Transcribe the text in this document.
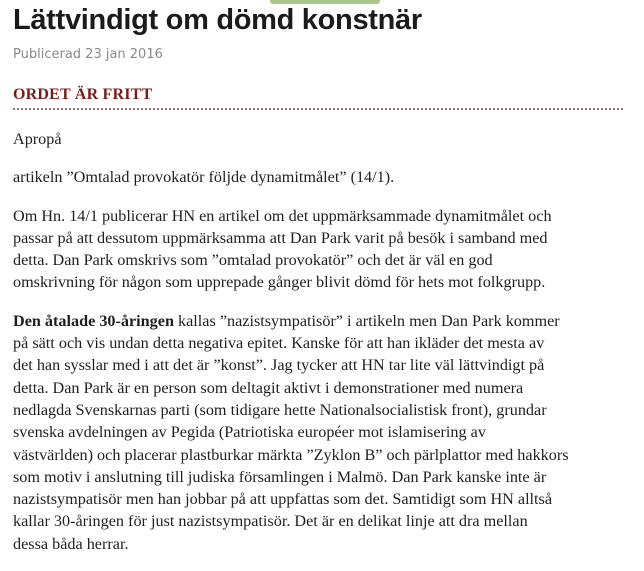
Lättvindigt om dömd konstnär
Publicerad 23 jan 2016
ORDET ÄR FRITT

Apropå

artikeln ”Omtalad provokatör följde dynamitmålet” (14/1).

Om Hn. 14/1 publicerar HN en artikel om det uppmärksammade dynamitmålet och
passar på att dessutom uppmärksamma att Dan Park varit på besök i samband med
detta. Dan Park omskrivs som ”omtalad provokatör” och det är väl en god
omskrivning för någon som upprepade gånger blivit dömd för hets mot folkgrupp.

Den åtalade 30-åringen kallas ”nazistsympatisör” i artikeln men Dan Park kommer
på sätt och vis undan detta negativa epitet. Kanske för att han ikläder det mesta av
det han sysslar med i att det är ”konst”. Jag tycker att HN tar lite väl lättvindigt på
detta. Dan Park är en person som deltagit aktivt i demonstrationer med numera
nedlagda Svenskarnas parti (som tidigare hette Nationalsocialistisk front), grundar
svenska avdelningen av Pegida (Patriotiska européer mot islamisering av
västvärlden) och placerar plastburkar märkta ”Zyklon B” och pärlplattor med hakkors
som motiv i anslutning till judiska församlingen i Malmö. Dan Park kanske inte är
nazistsympatisör men han jobbar på att uppfattas som det. Samtidigt som HN alltså
kallar 30-åringen för just nazistsympatisör. Det är en delikat linje att dra mellan
dessa båda herrar.
